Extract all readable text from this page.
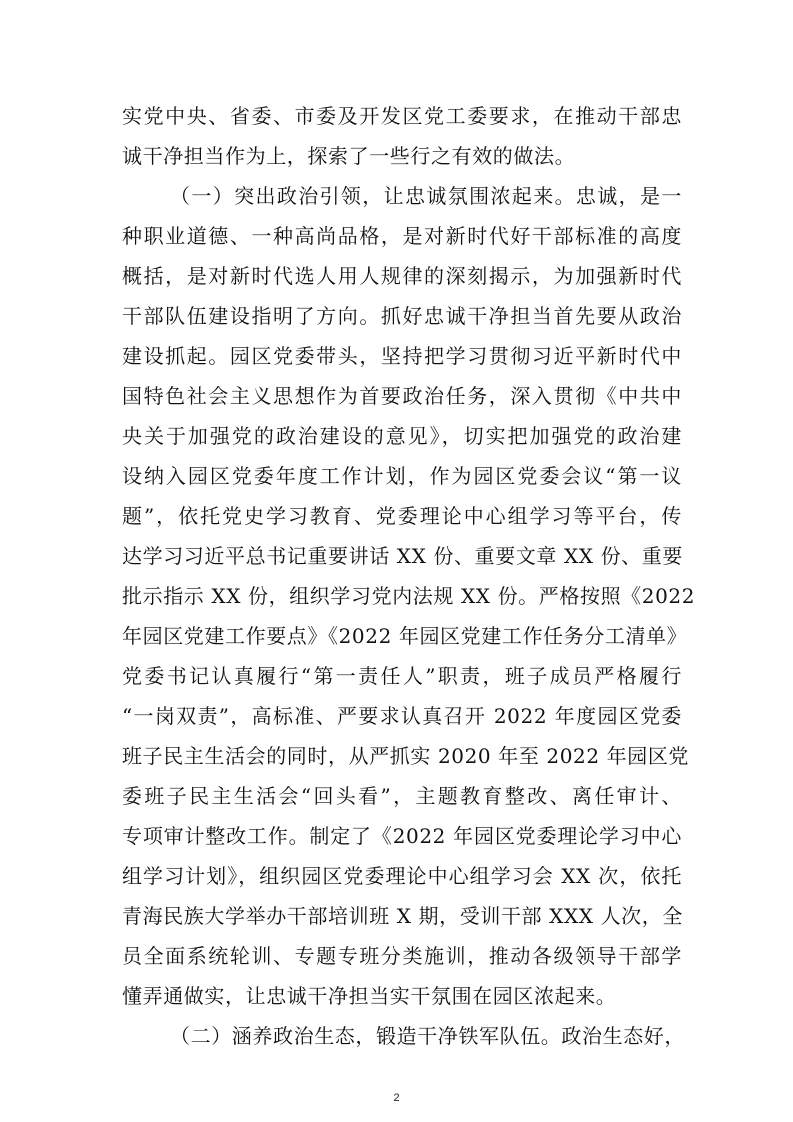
实党中央、省委、市委及开发区党工委要求，在推动干部忠
诚干净担当作为上，探索了一些行之有效的做法。
（一）突出政治引领，让忠诚氛围浓起来。忠诚，是一
种职业道德、一种高尚品格，是对新时代好干部标准的高度
概括，是对新时代选人用人规律的深刻揭示，为加强新时代
干部队伍建设指明了方向。抓好忠诚干净担当首先要从政治
建设抓起。园区党委带头，坚持把学习贯彻习近平新时代中
国特色社会主义思想作为首要政治任务，深入贯彻《中共中
央关于加强党的政治建设的意见》，切实把加强党的政治建
设纳入园区党委年度工作计划，作为园区党委会议“第一议
题”，依托党史学习教育、党委理论中心组学习等平台，传
达学习习近平总书记重要讲话 XX 份、重要文章 XX 份、重要
批示指示 XX 份，组织学习党内法规 XX 份。严格按照《2022
年园区党建工作要点》《2022 年园区党建工作任务分工清单》
党委书记认真履行“第一责任人”职责，班子成员严格履行
“一岗双责”，高标准、严要求认真召开 2022 年度园区党委
班子民主生活会的同时，从严抓实 2020 年至 2022 年园区党
委班子民主生活会“回头看”，主题教育整改、离任审计、
专项审计整改工作。制定了《2022 年园区党委理论学习中心
组学习计划》，组织园区党委理论中心组学习会 XX 次，依托
青海民族大学举办干部培训班 X 期，受训干部 XXX 人次，全
员全面系统轮训、专题专班分类施训，推动各级领导干部学
懂弄通做实，让忠诚干净担当实干氛围在园区浓起来。
（二）涵养政治生态，锻造干净铁军队伍。政治生态好，
2
